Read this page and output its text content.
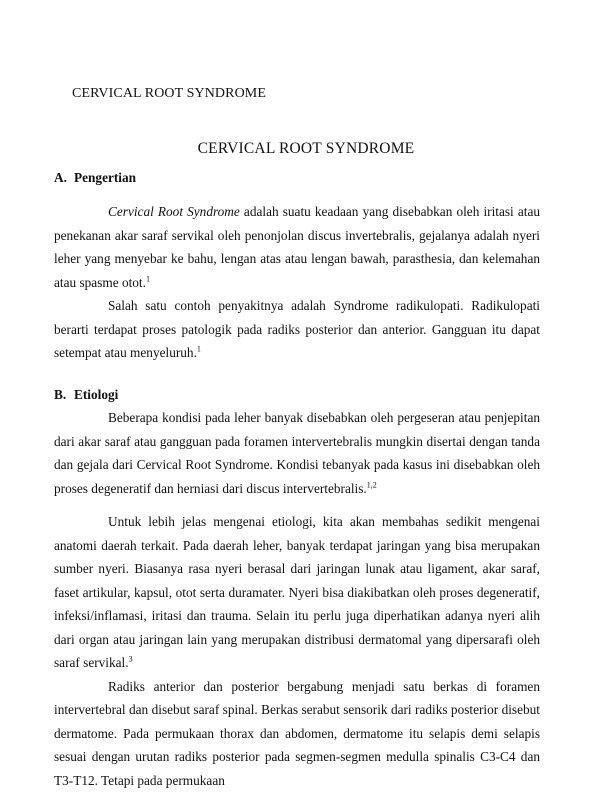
CERVICAL ROOT SYNDROME
CERVICAL ROOT SYNDROME
A. Pengertian

Cervical Root Syndrome adalah suatu keadaan yang disebabkan oleh iritasi atau penekanan akar saraf servikal oleh penonjolan discus invertebralis, gejalanya adalah nyeri leher yang menyebar ke bahu, lengan atas atau lengan bawah, parasthesia, dan kelemahan atau spasme otot.$^1$

Salah satu contoh penyakitnya adalah Syndrome radikulopati. Radikulopati berarti terdapat proses patologik pada radiks posterior dan anterior. Gangguan itu dapat setempat atau menyeluruh.$^1$

B. Etiologi

Beberapa kondisi pada leher banyak disebabkan oleh pergeseran atau penjepitan dari akar saraf atau gangguan pada foramen intervertebralis mungkin disertai dengan tanda dan gejala dari Cervical Root Syndrome. Kondisi tebanyak pada kasus ini disebabkan oleh proses degeneratif dan herniasi dari discus intervertebralis.$^{1,2}$

Untuk lebih jelas mengenai etiologi, kita akan membahas sedikit mengenai anatomi daerah terkait. Pada daerah leher, banyak terdapat jaringan yang bisa merupakan sumber nyeri. Biasanya rasa nyeri berasal dari jaringan lunak atau ligament, akar saraf, faset artikular, kapsul, otot serta duramater. Nyeri bisa diakibatkan oleh proses degeneratif, infeksi/inflamasi, iritasi dan trauma. Selain itu perlu juga diperhatikan adanya nyeri alih dari organ atau jaringan lain yang merupakan distribusi dermatomal yang dipersarafi oleh saraf servikal.$^3$

Radiks anterior dan posterior bergabung menjadi satu berkas di foramen intervertebral dan disebut saraf spinal. Berkas serabut sensorik dari radiks posterior disebut dermatome. Pada permukaan thorax dan abdomen, dermatome itu selapis demi selapis sesuai dengan urutan radiks posterior pada segmen-segmen medulla spinalis C3-C4 dan T3-T12. Tetapi pada permukaan
